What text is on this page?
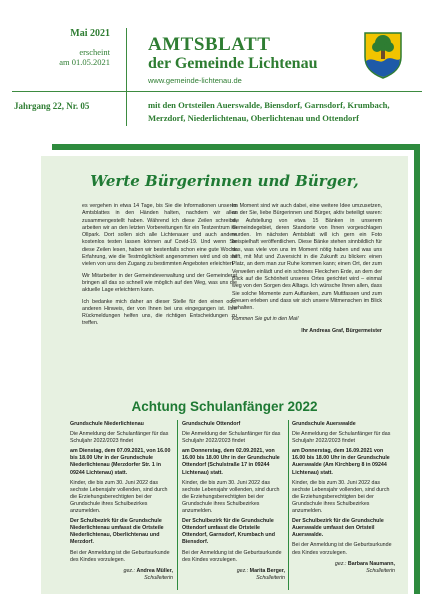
Mai 2021
erscheint
am 01.05.2021
AMTSBLATT
der Gemeinde Lichtenau
www.gemeinde-lichtenau.de
Jahrgang 22, Nr. 05	mit den Ortsteilen Auerswalde, Biensdorf, Garnsdorf, Krumbach, Merzdorf, Niederlichtenau, Oberlichtenau und Ottendorf
Werte Bürgerinnen und Bürger,

es vergehen in etwa 14 Tage, bis Sie die Informationen unseres Amtsblattes in den Händen halten, nachdem wir alles zusammengestellt haben. Während ich diese Zeilen schreibe, arbeiten wir an den letzten Vorbereitungen für ein Testzentrum im Ollpark. Dort sollen sich alle Lichtenauer und auch andere kostenlos testen lassen können auf Covid-19. Und wenn Sie diese Zeilen lesen, haben wir bestenfalls schon eine gute Woche Erfahrung, wie die Testmöglichkeit angenommen wird und ob sie vielen von uns den Zugang zu bestimmten Angeboten erleichtert.

Wir Mitarbeiter in der Gemeindeverwaltung und der Gemeinderat bringen all das so schnell wie möglich auf den Weg, was uns die aktuelle Lage erleichtern kann.

Ich bedanke mich daher an dieser Stelle für den einen oder anderen Hinweis, der von Ihnen bei uns eingegangen ist. Ihre Rückmeldungen helfen uns, die richtigen Entscheidungen zu treffen.

Im Moment sind wir auch dabei, eine weitere Idee umzusetzen, an der Sie, liebe Bürgerinnen und Bürger, aktiv beteiligt waren: die Aufstellung von etwa 15 Bänken in unserem Gemeindegebiet, deren Standorte von Ihnen vorgeschlagen wurden. Im nächsten Amtsblatt will ich gern ein Foto beispielhaft veröffentlichen. Diese Bänke stehen sinnbildlich für das, was viele von uns im Moment nötig haben und was uns hilft, mit Mut und Zuversicht in die Zukunft zu blicken: einen Platz, an dem man zur Ruhe kommen kann; einen Ort, der zum Verweilen einlädt und ein schönes Fleckchen Erde, an dem der Blick auf die Schönheit unseres Ortes gerichtet wird – einmal weg von den Sorgen des Alltags. Ich wünsche Ihnen allen, dass Sie solche Momente zum Auftanken, zum Muttfassen und zum Freuen erleben und dass wir sich unsere Mitmenschen im Blick behalten.

Kommen Sie gut in den Mai!

Ihr Andreas Graf, Bürgermeister

Achtung Schulanfänger 2022

Grundschule Niederlichtenau

Die Anmeldung der Schulanfänger für das Schuljahr 2022/2023 findet

am Dienstag, dem 07.09.2021, von 16.00 bis 18.00 Uhr in der Grundschule Niederlichtenau (Merzdorfer Str. 1 in 09244 Lichtenau) statt.

Kinder, die bis zum 30. Juni 2022 das sechste Lebensjahr vollenden, sind durch die Erziehungsberechtigten bei der Grundschule ihres Schulbezirkes anzumelden.

Der Schulbezirk für die Grundschule Niederlichtenau umfasst die Ortsteile Niederlichtenau, Oberlichtenau und Merzdorf.

Bei der Anmeldung ist die Geburtsurkunde des Kindes vorzulegen.

gez.: Andrea Müller,
Schulleiterin

Grundschule Ottendorf

Die Anmeldung der Schulanfänger für das Schuljahr 2022/2023 findet

am Donnerstag, dem 02.09.2021, von 16.00 bis 18.00 Uhr in der Grundschule Ottendorf (Schulstraße 17 in 09244 Lichtenau) statt.

Kinder, die bis zum 30. Juni 2022 das sechste Lebensjahr vollenden, sind durch die Erziehungsberechtigten bei der Grundschule ihres Schulbezirkes anzumelden.

Der Schulbezirk für die Grundschule Ottendorf umfasst die Ortsteile Ottendorf, Garnsdorf, Krumbach und Biensdorf.

Bei der Anmeldung ist die Geburtsurkunde des Kindes vorzulegen.

gez.: Marita Berger,
Schulleiterin

Grundschule Auerswalde

Die Anmeldung der Schulanfänger für das Schuljahr 2022/2023 findet

am Donnerstag, dem 16.09.2021 von 16.00 bis 18.00 Uhr in der Grundschule Auerswalde (Am Kirchberg 8 in 09244 Lichtenau) statt.

Kinder, die bis zum 30. Juni 2022 das sechste Lebensjahr vollenden, sind durch die Erziehungsberechtigten bei der Grundschule ihres Schulbezirkes anzumelden.

Der Schulbezirk für die Grundschule Auerswalde umfasst den Ortsteil Auerswalde.

Bei der Anmeldung ist die Geburtsurkunde des Kindes vorzulegen.

gez.: Barbara Naumann,
Schulleiterin
